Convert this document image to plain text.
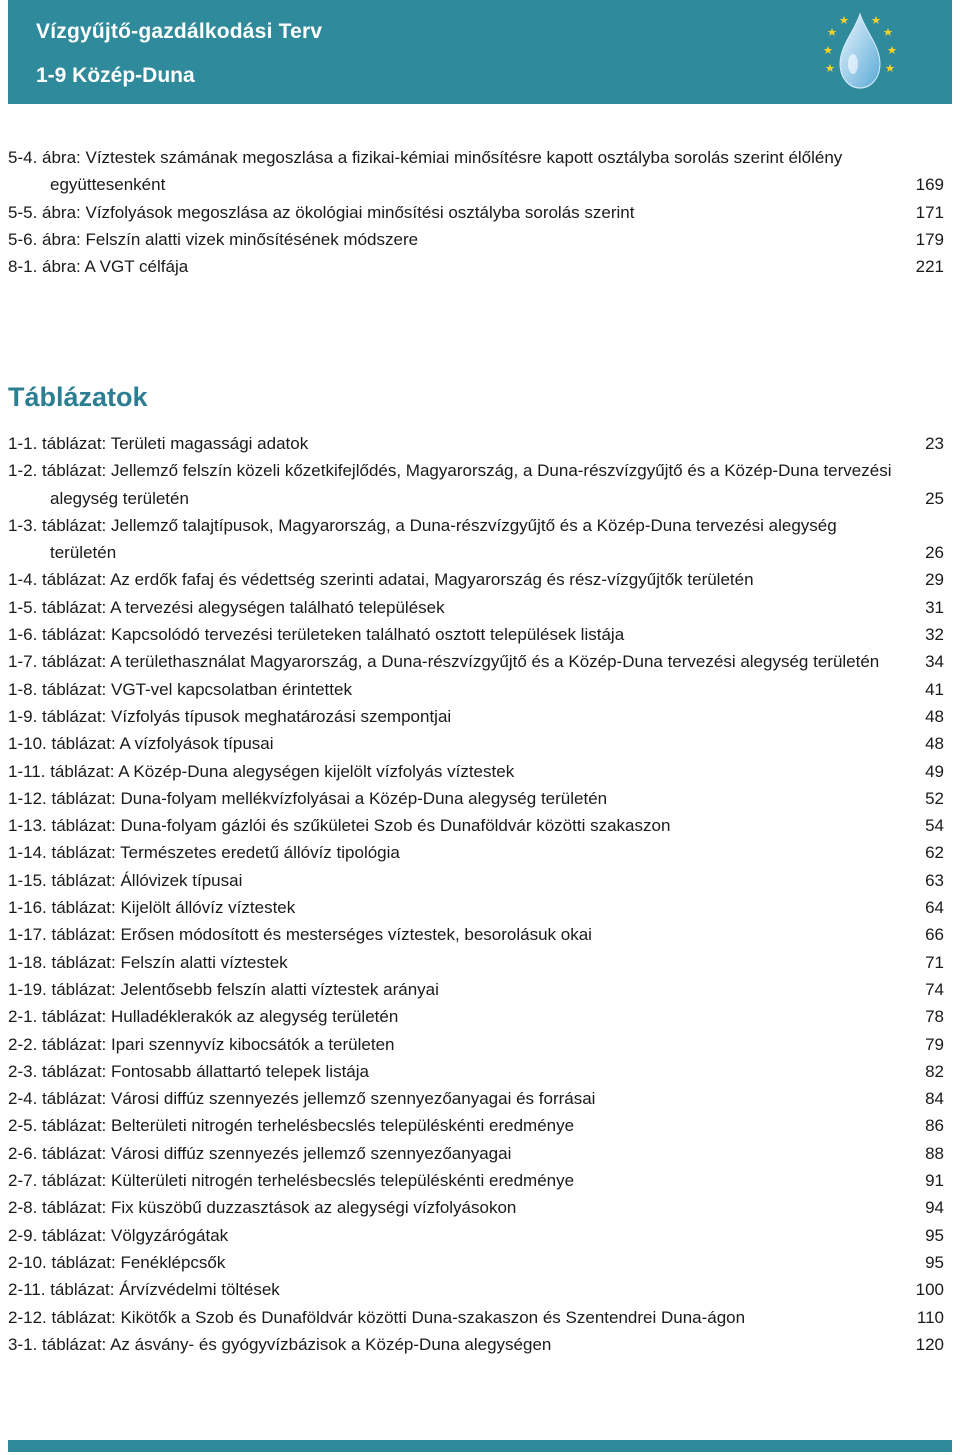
Vízgyűjtő-gazdálkodási Terv
1-9 Közép-Duna
5-4. ábra: Víztestek számának megoszlása a fizikai-kémiai minősítésre kapott osztályba sorolás szerint élőlény együttesenként	169
5-5. ábra: Vízfolyások megoszlása az ökológiai minősítési osztályba sorolás szerint	171
5-6. ábra: Felszín alatti vizek minősítésének módszere	179
8-1. ábra: A VGT célfája	221
Táblázatok
1-1. táblázat: Területi magassági adatok	23
1-2. táblázat: Jellemző felszín közeli kőzetkifejlődés, Magyarország, a Duna-részvízgyűjtő és a Közép-Duna tervezési alegység területén	25
1-3. táblázat: Jellemző talajtípusok, Magyarország, a Duna-részvízgyűjtő és a Közép-Duna tervezési alegység területén	26
1-4. táblázat: Az erdők fafaj és védettség szerinti adatai, Magyarország és rész-vízgyűjtők területén	29
1-5. táblázat: A tervezési alegységen található települések	31
1-6. táblázat: Kapcsolódó tervezési területeken található osztott települések listája	32
1-7. táblázat: A területhasználat Magyarország, a Duna-részvízgyűjtő és a Közép-Duna tervezési alegység területén	34
1-8. táblázat: VGT-vel kapcsolatban érintettek	41
1-9. táblázat: Vízfolyás típusok meghatározási szempontjai	48
1-10. táblázat: A vízfolyások típusai	48
1-11. táblázat: A Közép-Duna alegységen kijelölt vízfolyás víztestek	49
1-12. táblázat: Duna-folyam mellékvízfolyásai a Közép-Duna alegység területén	52
1-13. táblázat: Duna-folyam gázlói és szűkületei Szob és Dunaföldvár közötti szakaszon	54
1-14. táblázat: Természetes eredetű állóvíz tipológia	62
1-15. táblázat: Állóvizek típusai	63
1-16. táblázat: Kijelölt állóvíz víztestek	64
1-17. táblázat: Erősen módosított és mesterséges víztestek, besorolásuk okai	66
1-18. táblázat: Felszín alatti víztestek	71
1-19. táblázat: Jelentősebb felszín alatti víztestek arányai	74
2-1. táblázat: Hulladéklerakók az alegység területén	78
2-2. táblázat: Ipari szennyvíz kibocsátók a területen	79
2-3. táblázat: Fontosabb állattartó telepek listája	82
2-4. táblázat: Városi diffúz szennyezés jellemző szennyezőanyagai és forrásai	84
2-5. táblázat: Belterületi nitrogén terhelésbecslés településkénti eredménye	86
2-6. táblázat: Városi diffúz szennyezés jellemző szennyezőanyagai	88
2-7. táblázat: Külterületi nitrogén terhelésbecslés településkénti eredménye	91
2-8. táblázat: Fix küszöbű duzzasztások az alegységi vízfolyásokon	94
2-9. táblázat: Völgyzárógátak	95
2-10. táblázat: Fenéklépcsők	95
2-11. táblázat: Árvízvédelmi töltések	100
2-12. táblázat: Kikötők a Szob és Dunaföldvár közötti Duna-szakaszon és Szentendrei Duna-ágon	110
3-1. táblázat: Az ásvány- és gyógyvízbázisok a Közép-Duna alegységen	120
